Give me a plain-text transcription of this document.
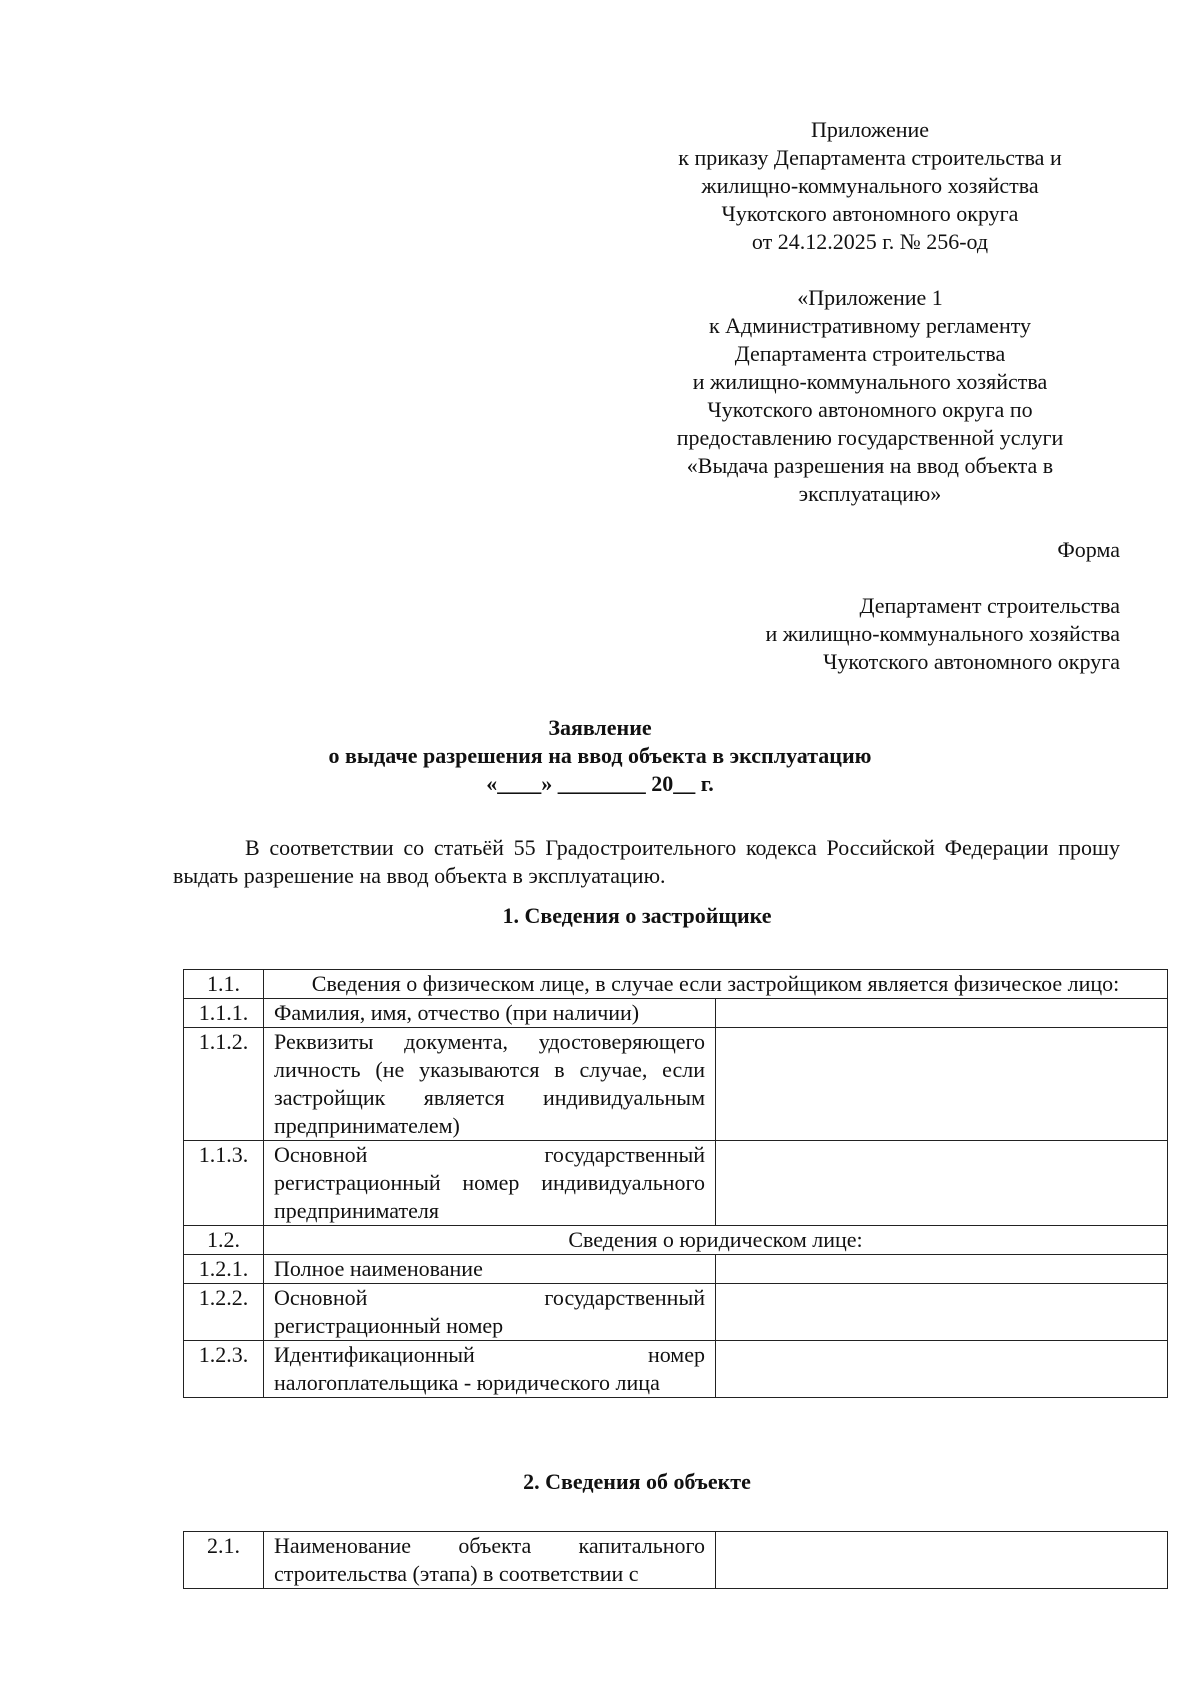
Приложение
к приказу Департамента строительства и
жилищно-коммунального хозяйства
Чукотского автономного округа
от 24.12.2025 г. № 256-од
«Приложение 1
к Административному регламенту
Департамента строительства
и жилищно-коммунального хозяйства
Чукотского автономного округа по
предоставлению государственной услуги
«Выдача разрешения на ввод объекта в
эксплуатацию»
Форма
Департамент строительства
и жилищно-коммунального хозяйства
Чукотского автономного округа
Заявление
о выдаче разрешения на ввод объекта в эксплуатацию
«____» ________ 20__ г.
В соответствии со статьёй 55 Градостроительного кодекса Российской Федерации прошу выдать разрешение на ввод объекта в эксплуатацию.
1. Сведения о застройщике
1.1.	Сведения о физическом лице, в случае если застройщиком является физическое лицо:	
1.1.1.	Фамилия, имя, отчество (при наличии)	
1.1.2.	Реквизиты документа, удостоверяющего личность (не указываются в случае, если застройщик является индивидуальным предпринимателем)	
1.1.3.	Основной государственный регистрационный номер индивидуального предпринимателя	
1.2.	Сведения о юридическом лице:	
1.2.1.	Полное наименование	
1.2.2.	Основной государственный регистрационный номер	
1.2.3.	Идентификационный номер налогоплательщика - юридического лица	
2. Сведения об объекте
2.1.	Наименование объекта капитального строительства (этапа) в соответствии с	
